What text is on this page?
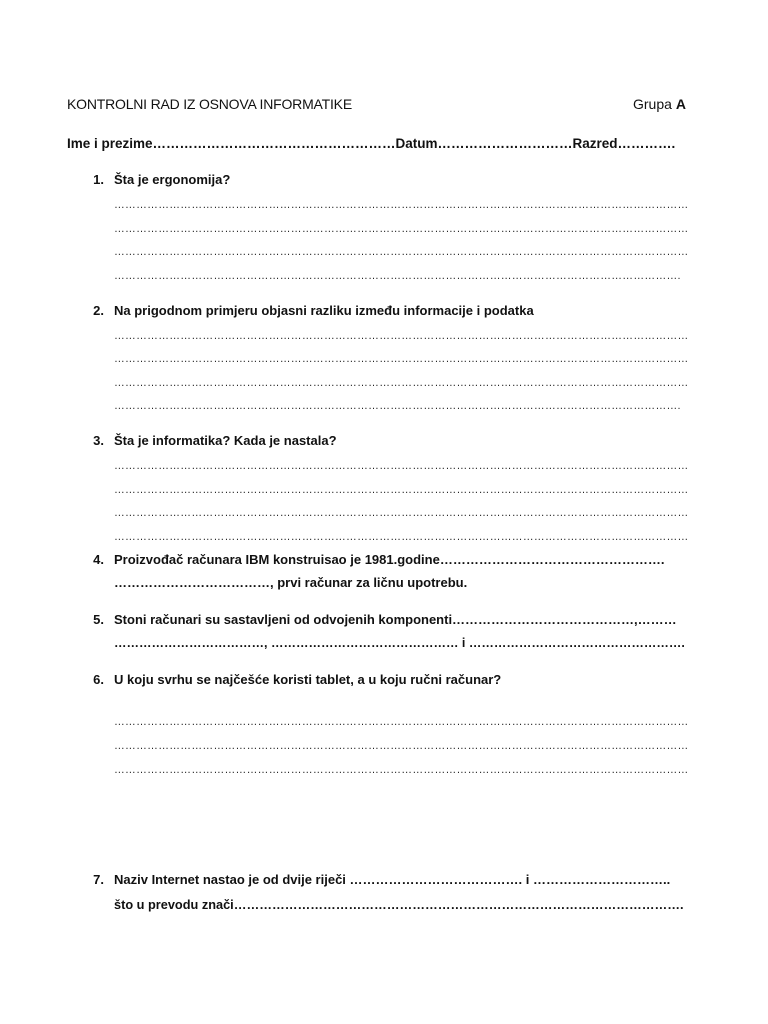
KONTROLNI RAD IZ OSNOVA INFORMATIKE	Grupa A
Ime i prezime………………………………………………Datum…………………………Razred………….
1. Šta je ergonomija?
…………………………………………………………………………………………………………………………………………
…………………………………………………………………………………………………………………………………………
…………………………………………………………………………………………………………………………………………
……………………………………………………………………………………………………………………………………….
2. Na prigodnom primjeru objasni razliku između informacije i podatka
…………………………………………………………………………………………………………………………………………
…………………………………………………………………………………………………………………………………………
…………………………………………………………………………………………………………………………………………
……………………………………………………………………………………………………………………………………….
3. Šta je informatika? Kada je nastala?
…………………………………………………………………………………………………………………………………………
…………………………………………………………………………………………………………………………………………
…………………………………………………………………………………………………………………………………………
…………………………………………………………………………………………………………………………………………
4. Proizvođač računara IBM konstruisao je 1981.godine…………………………………………….
………………………………, prvi računar za ličnu upotrebu.
5. Stoni računari su sastavljeni od odvojenih komponenti……………………………………,………
………………………………, ……………………………………… i …………………………………………….
6. U koju svrhu se najčešće koristi tablet, a u koju ručni računar?
…………………………………………………………………………………………………………………………………………
…………………………………………………………………………………………………………………………………………
…………………………………………………………………………………………………………………………………………
7. Naziv Internet nastao je od dvije riječi …………………………………. i …………………………..
što u prevodu znači…………………………………………………………………………………………….
